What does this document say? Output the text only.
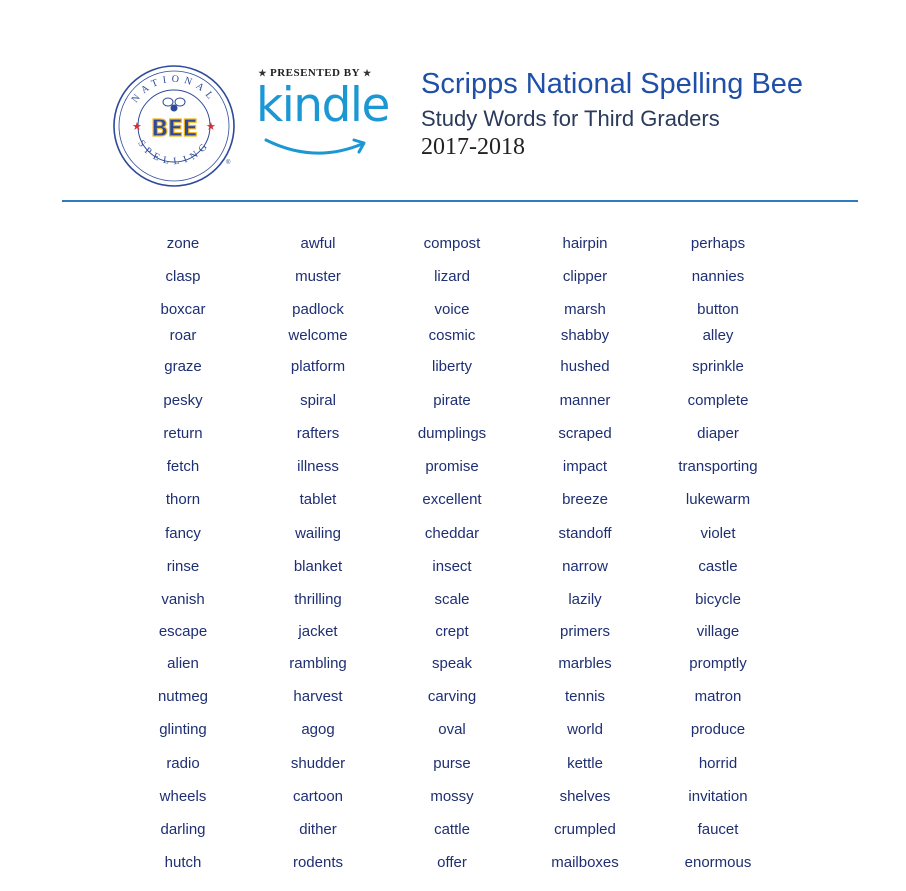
NATIONAL
SPELLING
★	★
BEE
®
★ PRESENTED BY ★
kindle Scripps National Spelling Bee
Study Words for Third Graders
2017-2018
zone	awful	compost	hairpin	perhaps
clasp	muster	lizard	clipper	nannies
boxcar	padlock	voice	marsh	button
roar	welcome	cosmic	shabby	alley
graze	platform	liberty	hushed	sprinkle
pesky	spiral	pirate	manner	complete
return	rafters	dumplings	scraped	diaper
fetch	illness	promise	impact	transporting
thorn	tablet	excellent	breeze	lukewarm
fancy	wailing	cheddar	standoff	violet
rinse	blanket	insect	narrow	castle
vanish	thrilling	scale	lazily	bicycle
escape	jacket	crept	primers	village
alien	rambling	speak	marbles	promptly
nutmeg	harvest	carving	tennis	matron
glinting	agog	oval	world	produce
radio	shudder	purse	kettle	horrid
wheels	cartoon	mossy	shelves	invitation
darling	dither	cattle	crumpled	faucet
hutch	rodents	offer	mailboxes	enormous
